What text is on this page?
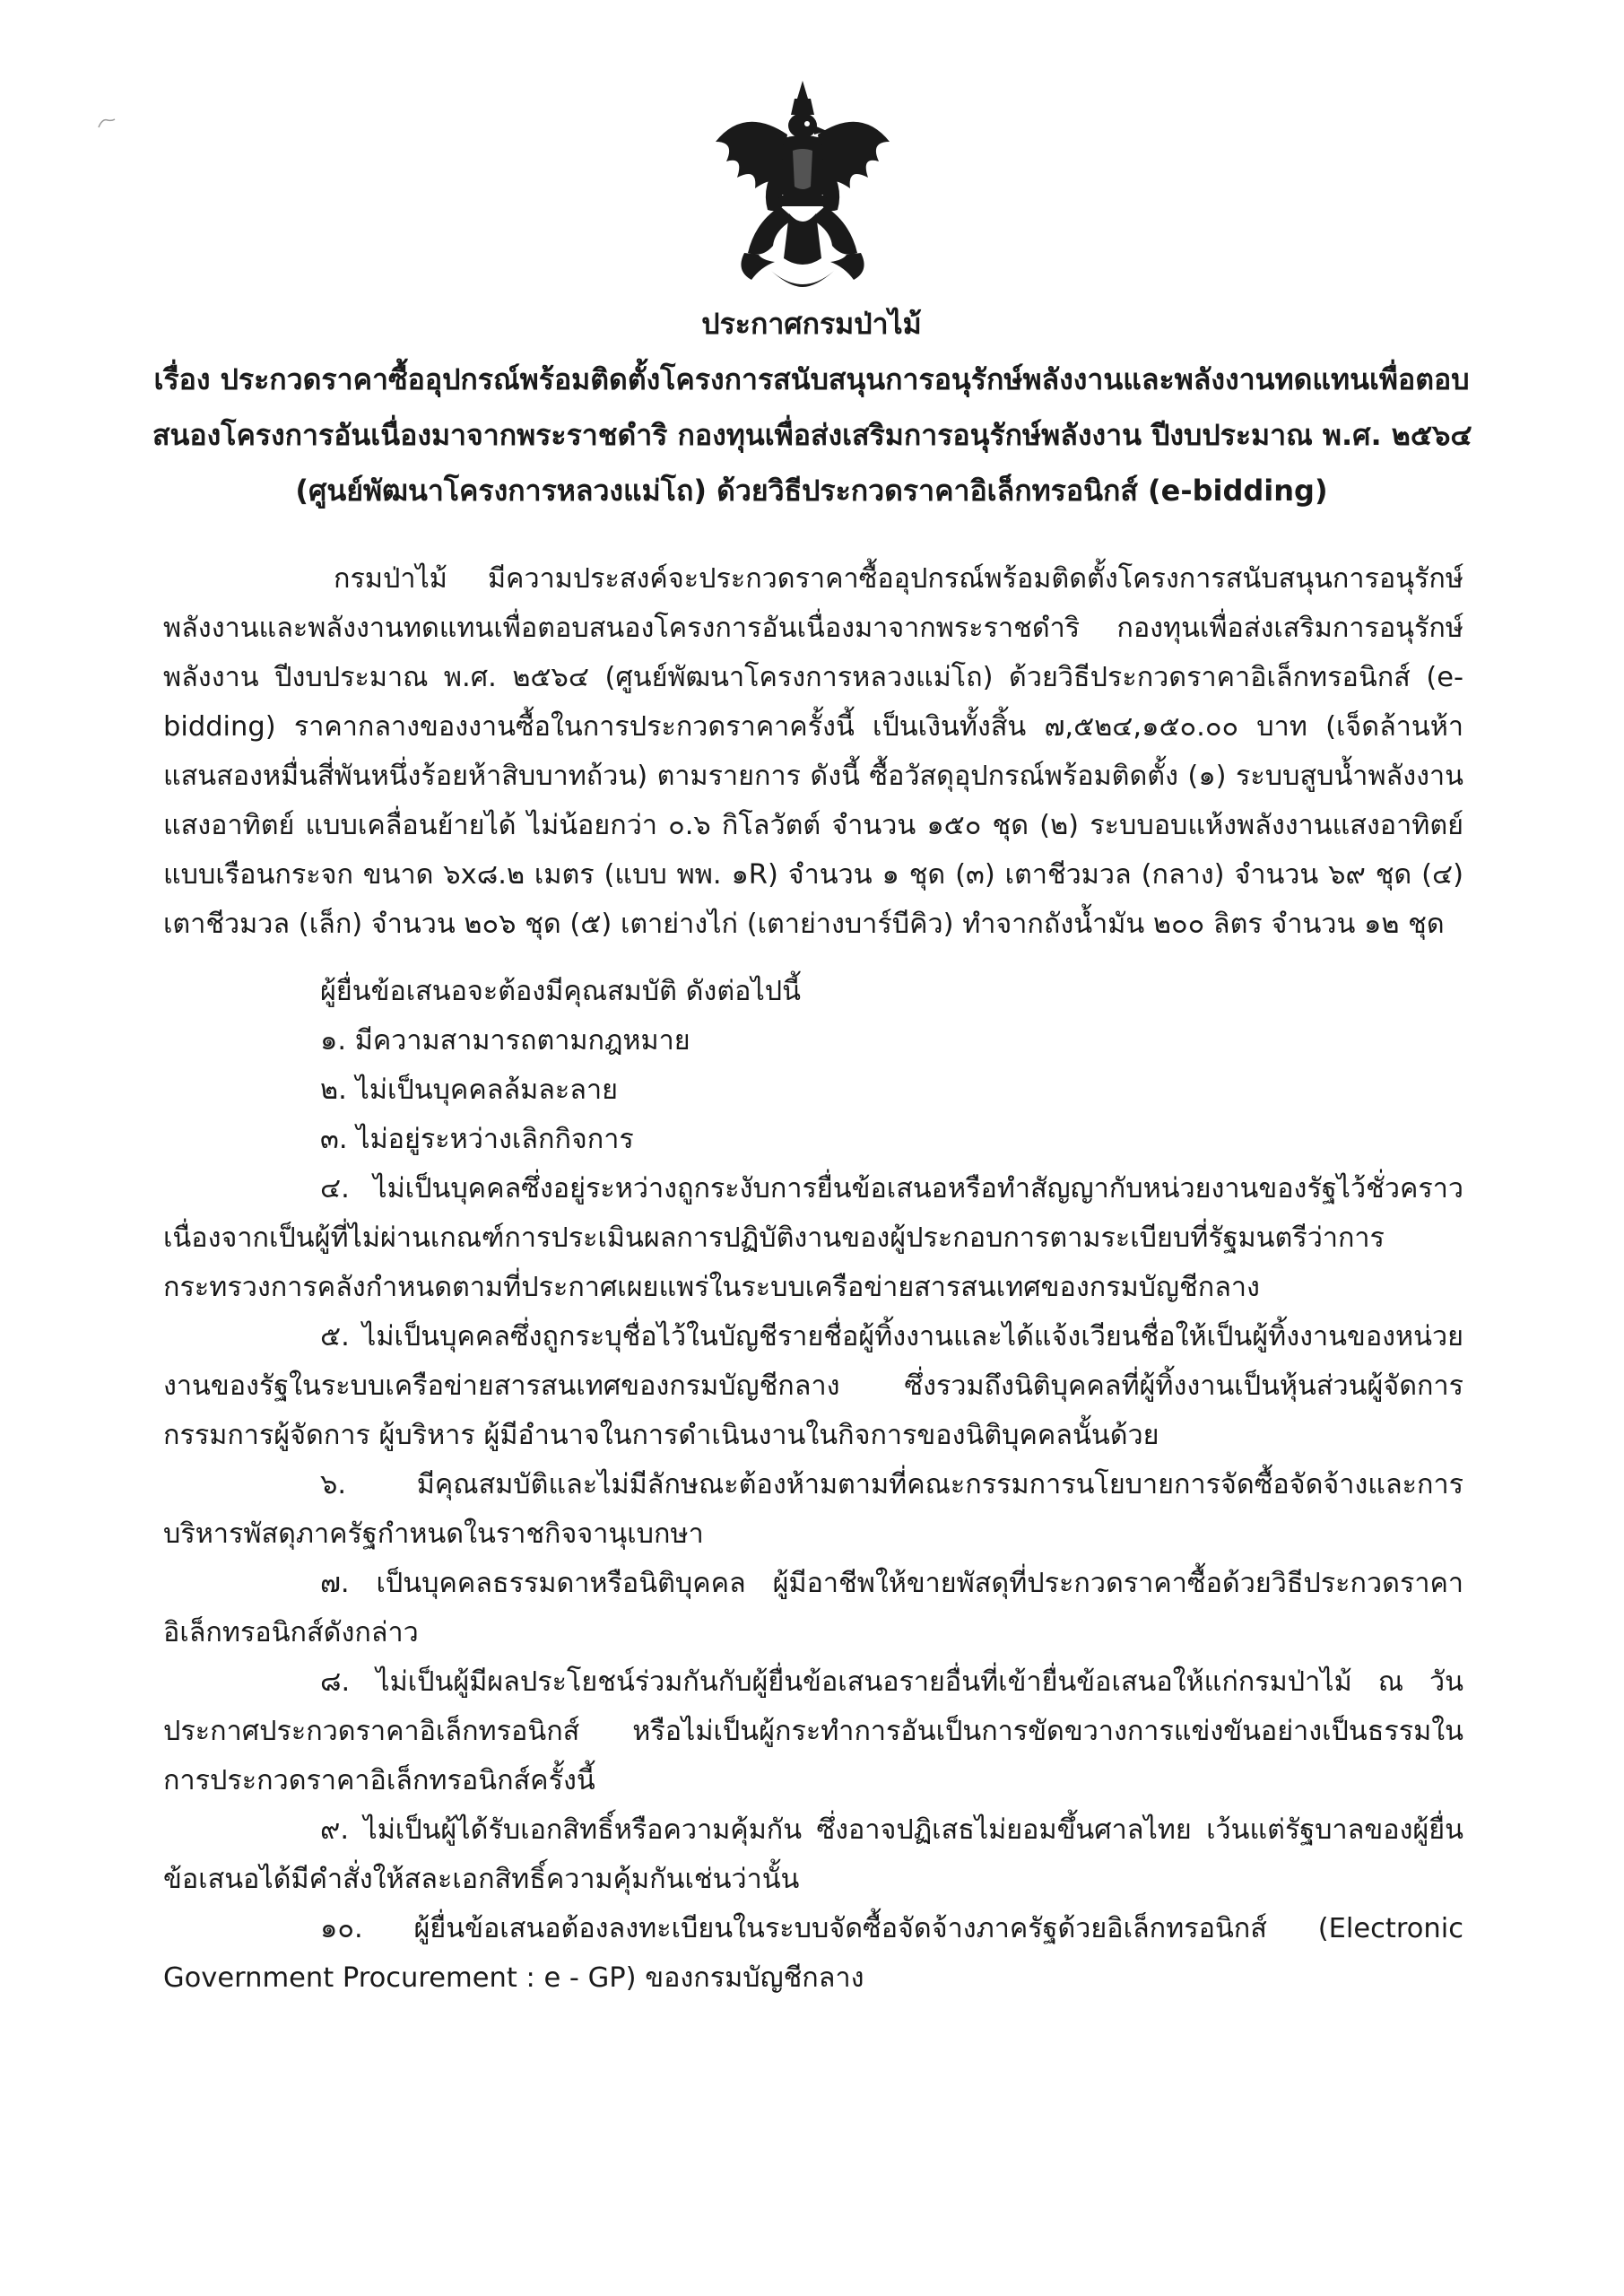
ประกาศกรมป่าไม้
เรื่อง ประกวดราคาซื้ออุปกรณ์พร้อมติดตั้งโครงการสนับสนุนการอนุรักษ์พลังงานและพลังงานทดแทนเพื่อตอบ
สนองโครงการอันเนื่องมาจากพระราชดำริ กองทุนเพื่อส่งเสริมการอนุรักษ์พลังงาน ปีงบประมาณ พ.ศ. ๒๕๖๔
(ศูนย์พัฒนาโครงการหลวงแม่โถ) ด้วยวิธีประกวดราคาอิเล็กทรอนิกส์ (e-bidding)

กรมป่าไม้ มีความประสงค์จะประกวดราคาซื้ออุปกรณ์พร้อมติดตั้งโครงการสนับสนุนการอนุรักษ์พลังงานและพลังงานทดแทนเพื่อตอบสนองโครงการอันเนื่องมาจากพระราชดำริ กองทุนเพื่อส่งเสริมการอนุรักษ์พลังงาน ปีงบประมาณ พ.ศ. ๒๕๖๔ (ศูนย์พัฒนาโครงการหลวงแม่โถ) ด้วยวิธีประกวดราคาอิเล็กทรอนิกส์ (e-bidding) ราคากลางของงานซื้อในการประกวดราคาครั้งนี้ เป็นเงินทั้งสิ้น ๗,๕๒๔,๑๕๐.๐๐ บาท (เจ็ดล้านห้าแสนสองหมื่นสี่พันหนึ่งร้อยห้าสิบบาทถ้วน) ตามรายการ ดังนี้ ซื้อวัสดุอุปกรณ์พร้อมติดตั้ง (๑) ระบบสูบน้ำพลังงานแสงอาทิตย์ แบบเคลื่อนย้ายได้ ไม่น้อยกว่า ๐.๖ กิโลวัตต์ จำนวน ๑๕๐ ชุด (๒) ระบบอบแห้งพลังงานแสงอาทิตย์แบบเรือนกระจก ขนาด ๖x๘.๒ เมตร (แบบ พพ. ๑R) จำนวน ๑ ชุด (๓) เตาชีวมวล (กลาง) จำนวน ๖๙ ชุด (๔) เตาชีวมวล (เล็ก) จำนวน ๒๐๖ ชุด (๕) เตาย่างไก่ (เตาย่างบาร์บีคิว) ทำจากถังน้ำมัน ๒๐๐ ลิตร จำนวน ๑๒ ชุด

ผู้ยื่นข้อเสนอจะต้องมีคุณสมบัติ ดังต่อไปนี้

๑. มีความสามารถตามกฎหมาย

๒. ไม่เป็นบุคคลล้มละลาย

๓. ไม่อยู่ระหว่างเลิกกิจการ

๔. ไม่เป็นบุคคลซึ่งอยู่ระหว่างถูกระงับการยื่นข้อเสนอหรือทำสัญญากับหน่วยงานของรัฐไว้ชั่วคราว เนื่องจากเป็นผู้ที่ไม่ผ่านเกณฑ์การประเมินผลการปฏิบัติงานของผู้ประกอบการตามระเบียบที่รัฐมนตรีว่าการกระทรวงการคลังกำหนดตามที่ประกาศเผยแพร่ในระบบเครือข่ายสารสนเทศของกรมบัญชีกลาง

๕. ไม่เป็นบุคคลซึ่งถูกระบุชื่อไว้ในบัญชีรายชื่อผู้ทิ้งงานและได้แจ้งเวียนชื่อให้เป็นผู้ทิ้งงานของหน่วยงานของรัฐในระบบเครือข่ายสารสนเทศของกรมบัญชีกลาง ซึ่งรวมถึงนิติบุคคลที่ผู้ทิ้งงานเป็นหุ้นส่วนผู้จัดการ กรรมการผู้จัดการ ผู้บริหาร ผู้มีอำนาจในการดำเนินงานในกิจการของนิติบุคคลนั้นด้วย

๖. มีคุณสมบัติและไม่มีลักษณะต้องห้ามตามที่คณะกรรมการนโยบายการจัดซื้อจัดจ้างและการบริหารพัสดุภาครัฐกำหนดในราชกิจจานุเบกษา

๗. เป็นบุคคลธรรมดาหรือนิติบุคคล ผู้มีอาชีพให้ขายพัสดุที่ประกวดราคาซื้อด้วยวิธีประกวดราคาอิเล็กทรอนิกส์ดังกล่าว

๘. ไม่เป็นผู้มีผลประโยชน์ร่วมกันกับผู้ยื่นข้อเสนอรายอื่นที่เข้ายื่นข้อเสนอให้แก่กรมป่าไม้ ณ วันประกาศประกวดราคาอิเล็กทรอนิกส์ หรือไม่เป็นผู้กระทำการอันเป็นการขัดขวางการแข่งขันอย่างเป็นธรรมในการประกวดราคาอิเล็กทรอนิกส์ครั้งนี้

๙. ไม่เป็นผู้ได้รับเอกสิทธิ์หรือความคุ้มกัน ซึ่งอาจปฏิเสธไม่ยอมขึ้นศาลไทย เว้นแต่รัฐบาลของผู้ยื่นข้อเสนอได้มีคำสั่งให้สละเอกสิทธิ์ความคุ้มกันเช่นว่านั้น

๑๐. ผู้ยื่นข้อเสนอต้องลงทะเบียนในระบบจัดซื้อจัดจ้างภาครัฐด้วยอิเล็กทรอนิกส์ (Electronic Government Procurement : e - GP) ของกรมบัญชีกลาง
